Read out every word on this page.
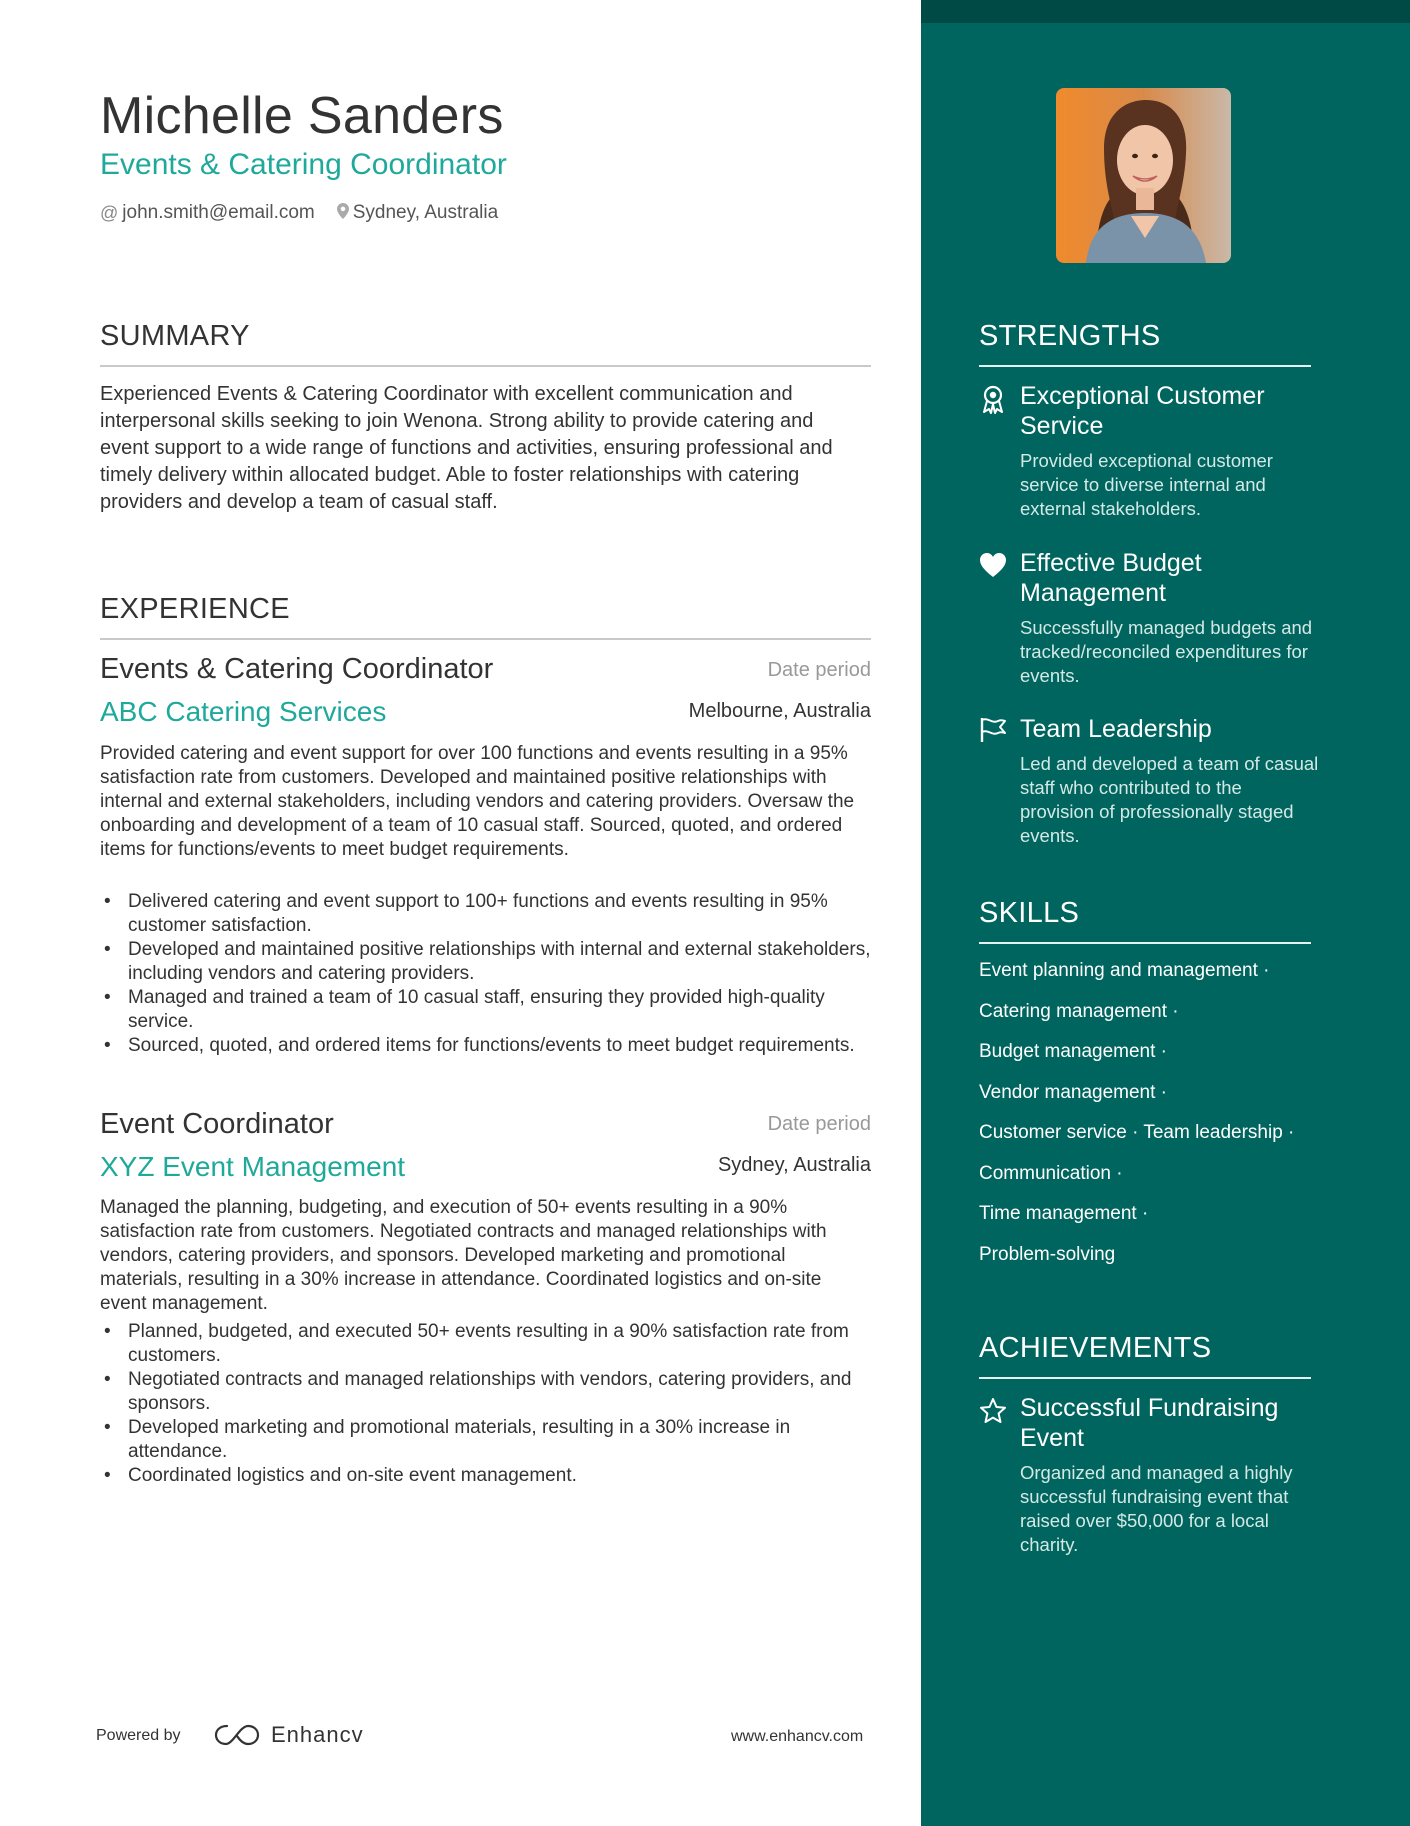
Michelle Sanders
Events & Catering Coordinator
@ john.smith@email.com Sydney, Australia
SUMMARY
Experienced Events & Catering Coordinator with excellent communication and interpersonal skills seeking to join Wenona. Strong ability to provide catering and event support to a wide range of functions and activities, ensuring professional and timely delivery within allocated budget. Able to foster relationships with catering providers and develop a team of casual staff.
EXPERIENCE
Events & Catering Coordinator	Date period
ABC Catering Services	Melbourne, Australia
Provided catering and event support for over 100 functions and events resulting in a 95% satisfaction rate from customers. Developed and maintained positive relationships with internal and external stakeholders, including vendors and catering providers. Oversaw the onboarding and development of a team of 10 casual staff. Sourced, quoted, and ordered items for functions/events to meet budget requirements.
• Delivered catering and event support to 100+ functions and events resulting in 95% customer satisfaction.
• Developed and maintained positive relationships with internal and external stakeholders, including vendors and catering providers.
• Managed and trained a team of 10 casual staff, ensuring they provided high-quality service.
• Sourced, quoted, and ordered items for functions/events to meet budget requirements.
Event Coordinator	Date period
XYZ Event Management	Sydney, Australia
Managed the planning, budgeting, and execution of 50+ events resulting in a 90% satisfaction rate from customers. Negotiated contracts and managed relationships with vendors, catering providers, and sponsors. Developed marketing and promotional materials, resulting in a 30% increase in attendance. Coordinated logistics and on-site event management.
• Planned, budgeted, and executed 50+ events resulting in a 90% satisfaction rate from customers.
• Negotiated contracts and managed relationships with vendors, catering providers, and sponsors.
• Developed marketing and promotional materials, resulting in a 30% increase in attendance.
• Coordinated logistics and on-site event management.
Powered by	Enhancv	www.enhancv.com
STRENGTHS
Exceptional Customer Service
Provided exceptional customer service to diverse internal and external stakeholders.
Effective Budget Management
Successfully managed budgets and tracked/reconciled expenditures for events.
Team Leadership
Led and developed a team of casual staff who contributed to the provision of professionally staged events.
SKILLS
Event planning and management ·
Catering management ·
Budget management ·
Vendor management ·
Customer service · Team leadership ·
Communication ·
Time management ·
Problem-solving
ACHIEVEMENTS
Successful Fundraising Event
Organized and managed a highly successful fundraising event that raised over $50,000 for a local charity.
